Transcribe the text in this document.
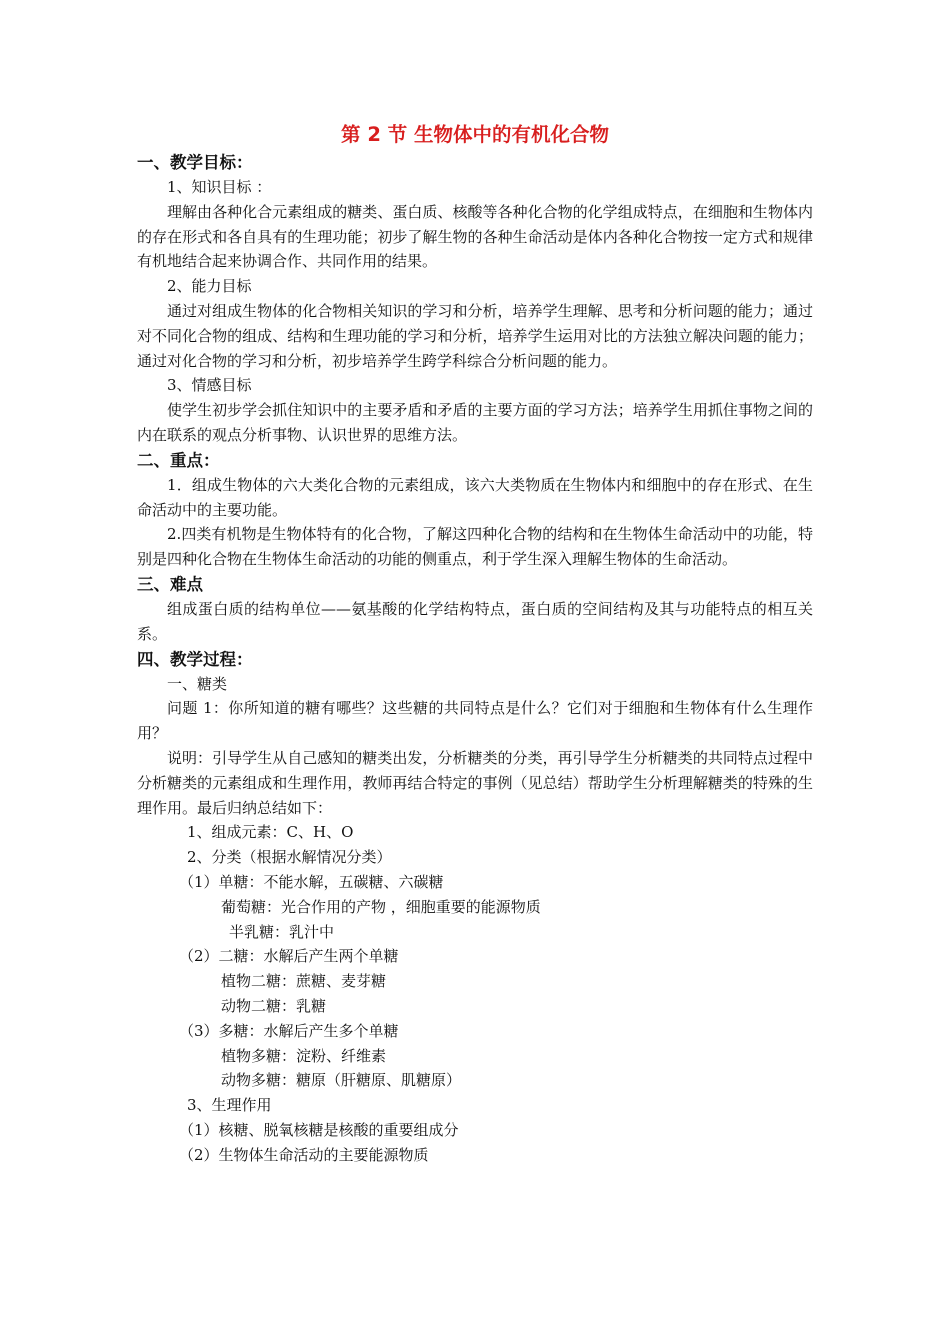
第 2 节 生物体中的有机化合物
一、教学目标：
1、知识目标 ：
理解由各种化合元素组成的糖类、蛋白质、核酸等各种化合物的化学组成特点，在细胞和生物体内的存在形式和各自具有的生理功能；初步了解生物的各种生命活动是体内各种化合物按一定方式和规律有机地结合起来协调合作、共同作用的结果。
2、能力目标
通过对组成生物体的化合物相关知识的学习和分析，培养学生理解、思考和分析问题的能力；通过对不同化合物的组成、结构和生理功能的学习和分析，培养学生运用对比的方法独立解决问题的能力；通过对化合物的学习和分析，初步培养学生跨学科综合分析问题的能力。
3、情感目标
使学生初步学会抓住知识中的主要矛盾和矛盾的主要方面的学习方法；培养学生用抓住事物之间的内在联系的观点分析事物、认识世界的思维方法。
二、重点：
1．组成生物体的六大类化合物的元素组成，该六大类物质在生物体内和细胞中的存在形式、在生命活动中的主要功能。
2.四类有机物是生物体特有的化合物，了解这四种化合物的结构和在生物体生命活动中的功能，特别是四种化合物在生物体生命活动的功能的侧重点，利于学生深入理解生物体的生命活动。
三、难点
组成蛋白质的结构单位——氨基酸的化学结构特点，蛋白质的空间结构及其与功能特点的相互关系。
四、教学过程：
一、糖类
问题 1：你所知道的糖有哪些？这些糖的共同特点是什么？它们对于细胞和生物体有什么生理作用？
说明：引导学生从自己感知的糖类出发，分析糖类的分类，再引导学生分析糖类的共同特点过程中分析糖类的元素组成和生理作用，教师再结合特定的事例（见总结）帮助学生分析理解糖类的特殊的生理作用。最后归纳总结如下：
1、组成元素：C、H、O
2、分类（根据水解情况分类）
（1）单糖：不能水解，五碳糖、六碳糖
葡萄糖：光合作用的产物 ，细胞重要的能源物质
半乳糖：乳汁中
（2）二糖：水解后产生两个单糖
植物二糖：蔗糖、麦芽糖
动物二糖：乳糖
（3）多糖：水解后产生多个单糖
植物多糖：淀粉、纤维素
动物多糖：糖原（肝糖原、肌糖原）
3、生理作用
（1）核糖、脱氧核糖是核酸的重要组成分
（2）生物体生命活动的主要能源物质
